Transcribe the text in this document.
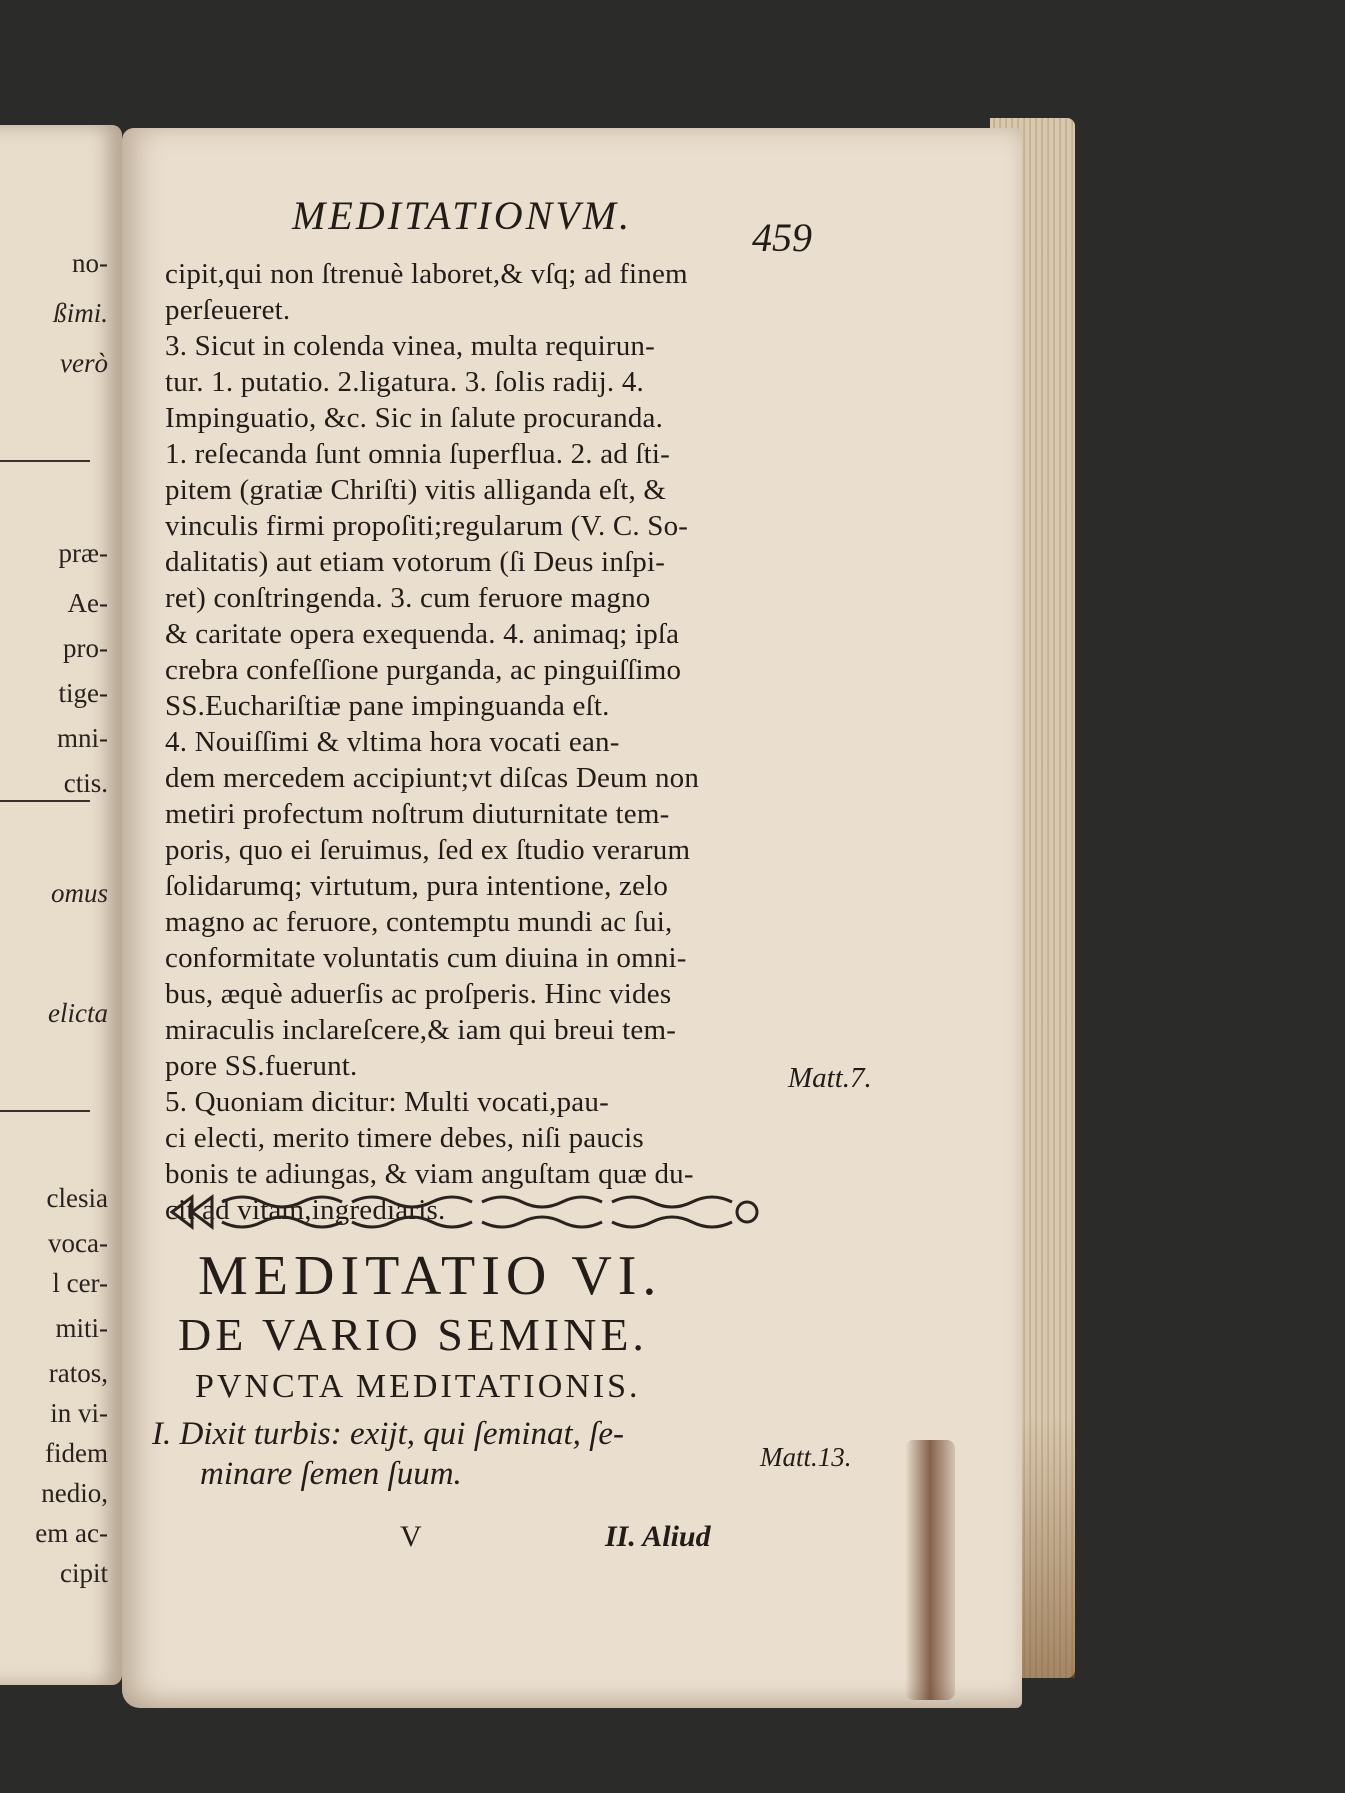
no-
ßimi.
verò
præ-
Ae-
pro-
tige-
mni-
ctis.
omus
elicta
clesia
voca-
l cer-
miti-
ratos,
in vi-
fidem
nedio,
em ac-
cipit
MEDITATIONVM.	459
cipit,qui non ſtrenuè laboret,& vſq; ad finem
perſeueret.
3. Sicut in colenda vinea, multa requirun-
tur. 1. putatio. 2.ligatura. 3. ſolis radij. 4.
Impinguatio, &c. Sic in ſalute procuranda.
1. reſecanda ſunt omnia ſuperflua. 2. ad ſti-
pitem (gratiæ Chriſti) vitis alliganda eſt, &
vinculis firmi propoſiti;regularum (V. C. So-
dalitatis) aut etiam votorum (ſi Deus inſpi-
ret) conſtringenda. 3. cum feruore magno
& caritate opera exequenda. 4. animaq; ipſa
crebra confeſſione purganda, ac pinguiſſimo
SS.Euchariſtiæ pane impinguanda eſt.
4. Nouiſſimi & vltima hora vocati ean-
dem mercedem accipiunt;vt diſcas Deum non
metiri profectum noſtrum diuturnitate tem-
poris, quo ei ſeruimus, ſed ex ſtudio verarum
ſolidarumq; virtutum, pura intentione, zelo
magno ac feruore, contemptu mundi ac ſui,
conformitate voluntatis cum diuina in omni-
bus, æquè aduerſis ac proſperis. Hinc vides
miraculis inclareſcere,& iam qui breui tem-
pore SS.fuerunt.
5. Quoniam dicitur: Multi vocati,pau-
ci electi, merito timere debes, niſi paucis
bonis te adiungas, & viam anguſtam quæ du-
cit ad vitam,ingrediaris.
Matt.7.
MEDITATIO VI.
DE VARIO SEMINE.
PVNCTA MEDITATIONIS.
I. Dixit turbis: exijt, qui ſeminat, ſe-
minare ſemen ſuum.	Matt.13.
V	II. Aliud
